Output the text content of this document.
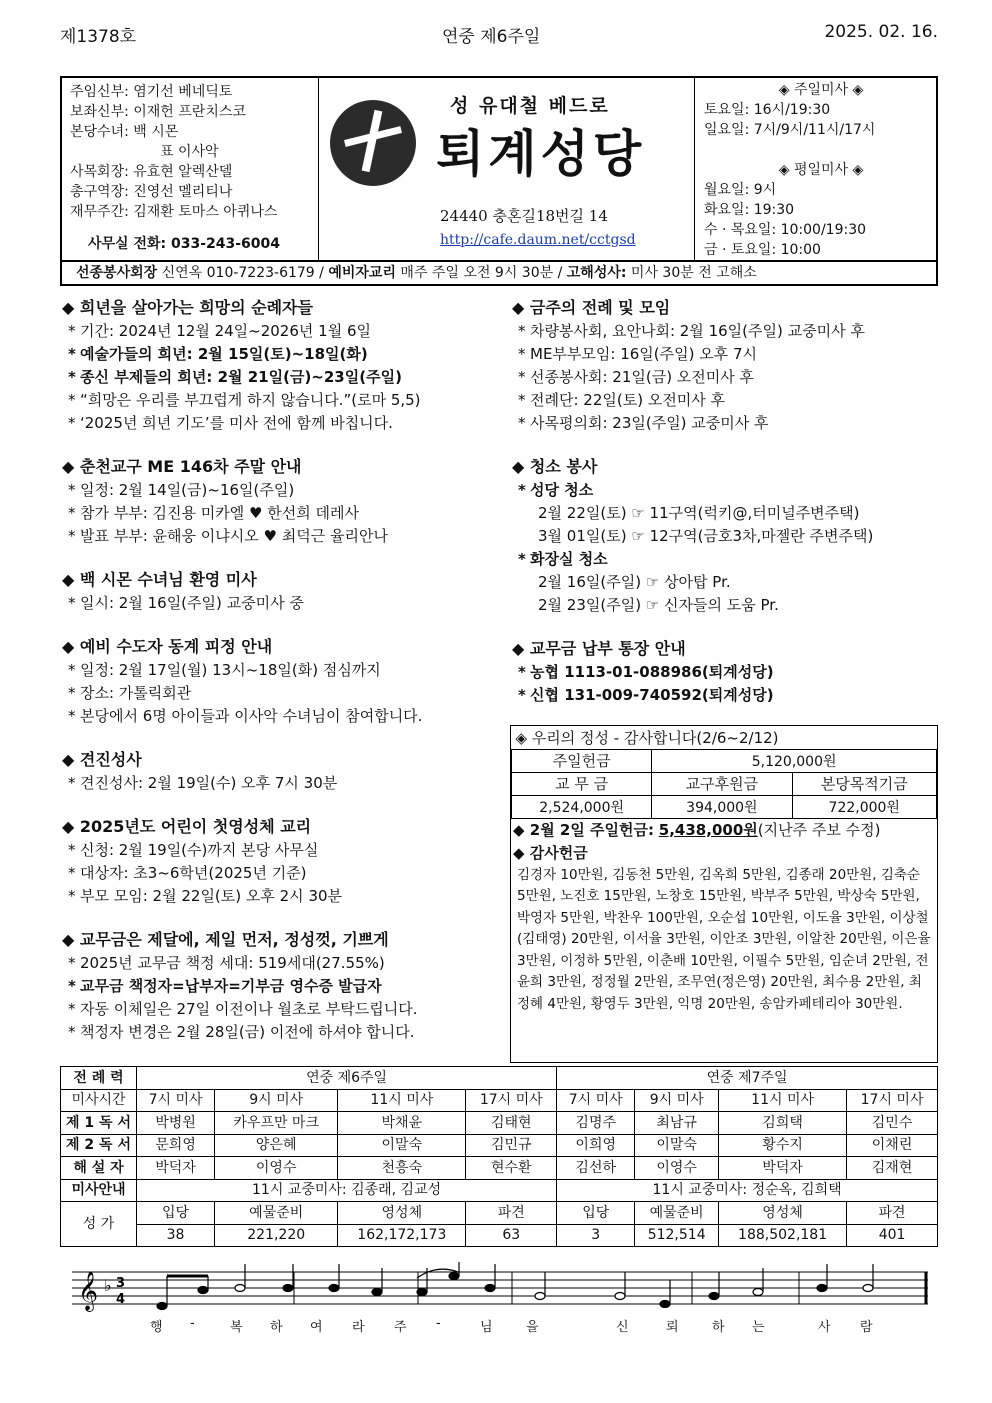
제1378호	연중 제6주일	2025. 02. 16.
주임신부: 염기선 베네딕토
보좌신부: 이재헌 프란치스코
본당수녀: 백 시몬
표 이사악
사목회장: 유효현 알렉산델
총구역장: 진영선 멜리티나
재무주간: 김재환 토마스 아퀴나스
사무실 전화: 033-243-6004
성 유대철 베드로
퇴계성당
24440 충혼길18번길 14
http://cafe.daum.net/cctgsd
◈ 주일미사 ◈
토요일: 16시/19:30
일요일: 7시/9시/11시/17시
◈ 평일미사 ◈
월요일: 9시
화요일: 19:30
수 · 목요일: 10:00/19:30
금 · 토요일: 10:00
선종봉사회장 신연옥 010-7223-6179 / 예비자교리 매주 주일 오전 9시 30분 / 고해성사: 미사 30분 전 고해소
◆ 희년을 살아가는 희망의 순례자들
* 기간: 2024년 12월 24일~2026년 1월 6일
* 예술가들의 희년: 2월 15일(토)~18일(화)
* 종신 부제들의 희년: 2월 21일(금)~23일(주일)
* “희망은 우리를 부끄럽게 하지 않습니다.”(로마 5,5)
* ‘2025년 희년 기도’를 미사 전에 함께 바칩니다.
◆ 춘천교구 ME 146차 주말 안내
* 일정: 2월 14일(금)~16일(주일)
* 참가 부부: 김진용 미카엘 ♥ 한선희 데레사
* 발표 부부: 윤해웅 이냐시오 ♥ 최덕근 율리안나
◆ 백 시몬 수녀님 환영 미사
* 일시: 2월 16일(주일) 교중미사 중
◆ 예비 수도자 동계 피정 안내
* 일정: 2월 17일(월) 13시~18일(화) 점심까지
* 장소: 가톨릭회관
* 본당에서 6명 아이들과 이사악 수녀님이 참여합니다.
◆ 견진성사
* 견진성사: 2월 19일(수) 오후 7시 30분
◆ 2025년도 어린이 첫영성체 교리
* 신청: 2월 19일(수)까지 본당 사무실
* 대상자: 초3~6학년(2025년 기준)
* 부모 모임: 2월 22일(토) 오후 2시 30분
◆ 교무금은 제달에, 제일 먼저, 정성껏, 기쁘게
* 2025년 교무금 책정 세대: 519세대(27.55%)
* 교무금 책정자=납부자=기부금 영수증 발급자
* 자동 이체일은 27일 이전이나 월초로 부탁드립니다.
* 책정자 변경은 2월 28일(금) 이전에 하셔야 합니다.
◆ 금주의 전례 및 모임
* 차량봉사회, 요안나회: 2월 16일(주일) 교중미사 후
* ME부부모임: 16일(주일) 오후 7시
* 선종봉사회: 21일(금) 오전미사 후
* 전례단: 22일(토) 오전미사 후
* 사목평의회: 23일(주일) 교중미사 후
◆ 청소 봉사
* 성당 청소
2월 22일(토) ☞ 11구역(럭키@,터미널주변주택)
3월 01일(토) ☞ 12구역(금호3차,마젤란 주변주택)
* 화장실 청소
2월 16일(주일) ☞ 상아탑 Pr.
2월 23일(주일) ☞ 신자들의 도움 Pr.
◆ 교무금 납부 통장 안내
* 농협 1113-01-088986(퇴계성당)
* 신협 131-009-740592(퇴계성당)
◈ 우리의 정성 - 감사합니다(2/6~2/12)		
주일헌금	5,120,000원	
교 무 금	교구후원금	본당목적기금
2,524,000원	394,000원	722,000원
◆ 2월 2일 주일헌금: 5,438,000원(지난주 주보 수정)
◆ 감사헌금
김경자 10만원, 김동천 5만원, 김옥희 5만원, 김종래 20만원, 김축순 5만원, 노진호 15만원, 노창호 15만원, 박부주 5만원, 박상숙 5만원, 박영자 5만원, 박찬우 100만원, 오순섭 10만원, 이도율 3만원, 이상철(김태영) 20만원, 이서율 3만원, 이안조 3만원, 이알찬 20만원, 이은율 3만원, 이정하 5만원, 이춘배 10만원, 이필수 5만원, 임순녀 2만원, 전윤희 3만원, 정정월 2만원, 조무연(정은영) 20만원, 최수용 2만원, 최정혜 4만원, 황영두 3만원, 익명 20만원, 송암카페테리아 30만원.
전 례 력	연중 제6주일				연중 제7주일			
미사시간	7시 미사	9시 미사	11시 미사	17시 미사	7시 미사	9시 미사	11시 미사	17시 미사
제 1 독 서	박병원	카우프만 마크	박채윤	김태현	김명주	최남규	김희택	김민수
제 2 독 서	문희영	양은혜	이말숙	김민규	이희영	이말숙	황수지	이채린
해 설 자	박덕자	이영수	천흥숙	현수환	김선하	이영수	박덕자	김재현
미사안내	11시 교중미사: 김종래, 김교성				11시 교중미사: 정순옥, 김희택			
성 가	입당	예물준비	영성체	파견	입당	예물준비	영성체	파견
	38	221,220	162,172,173	63	3	512,514	188,502,181	401
𝄞 ♭ 3
4
행 -	복 하 여 라 주 -	님 을	신	뢰 하 는	사 람
